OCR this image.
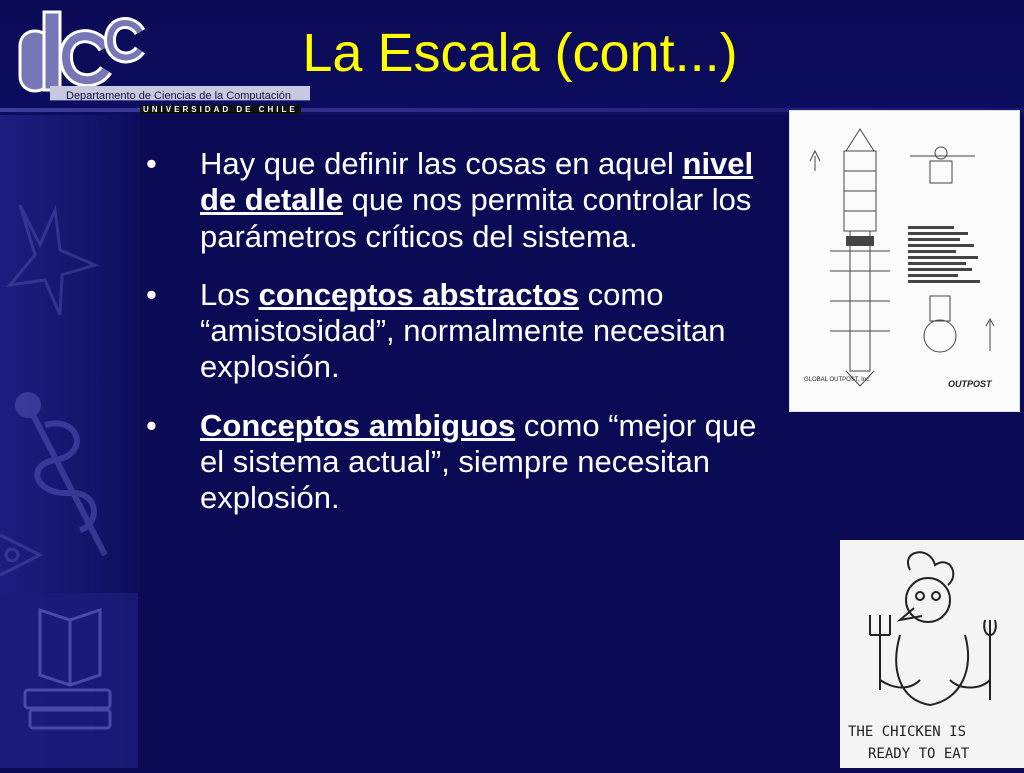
Departamento de Ciencias de la Computación
UNIVERSIDAD DE CHILE
La Escala (cont...)
• Hay que definir las cosas en aquel nivel de detalle que nos permita controlar los parámetros críticos del sistema.
• Los conceptos abstractos como “amistosidad”, normalmente necesitan explosión.
• Conceptos ambiguos como “mejor que el sistema actual”, siempre necesitan explosión.
GLOBAL OUTPOST, Inc.	OUTPOST
THE CHICKEN IS
READY TO EAT
